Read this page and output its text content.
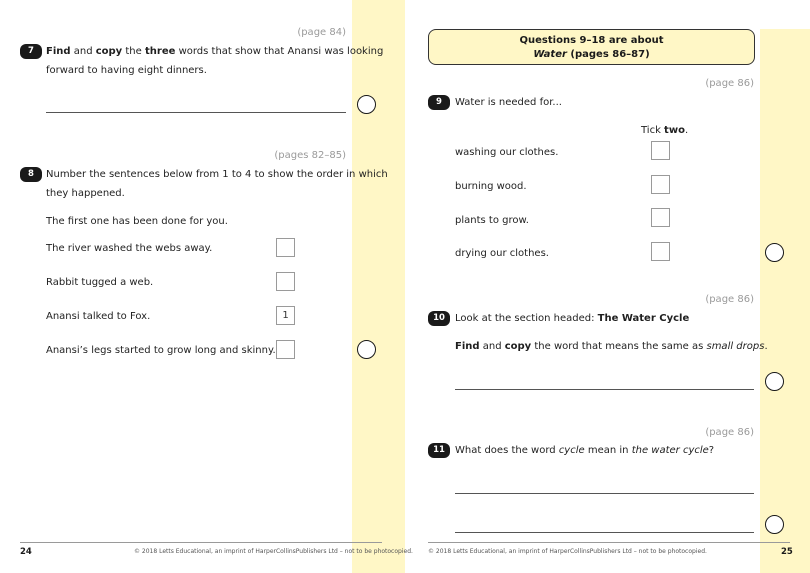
(page 84)
7	Find and copy the three words that show that Anansi was looking
forward to having eight dinners.
(pages 82–85)
8	Number the sentences below from 1 to 4 to show the order in which
they happened.
The first one has been done for you.
The river washed the webs away.
Rabbit tugged a web.
Anansi talked to Fox.	1
Anansi’s legs started to grow long and skinny.
24	© 2018 Letts Educational, an imprint of HarperCollinsPublishers Ltd – not to be photocopied.
Questions 9–18 are about
Water (pages 86–87)
(page 86)
9	Water is needed for...
Tick two.
washing our clothes.
burning wood.
plants to grow.
drying our clothes.
(page 86)
10	Look at the section headed: The Water Cycle
Find and copy the word that means the same as small drops.
(page 86)
11	What does the word cycle mean in the water cycle?
© 2018 Letts Educational, an imprint of HarperCollinsPublishers Ltd – not to be photocopied.	25
